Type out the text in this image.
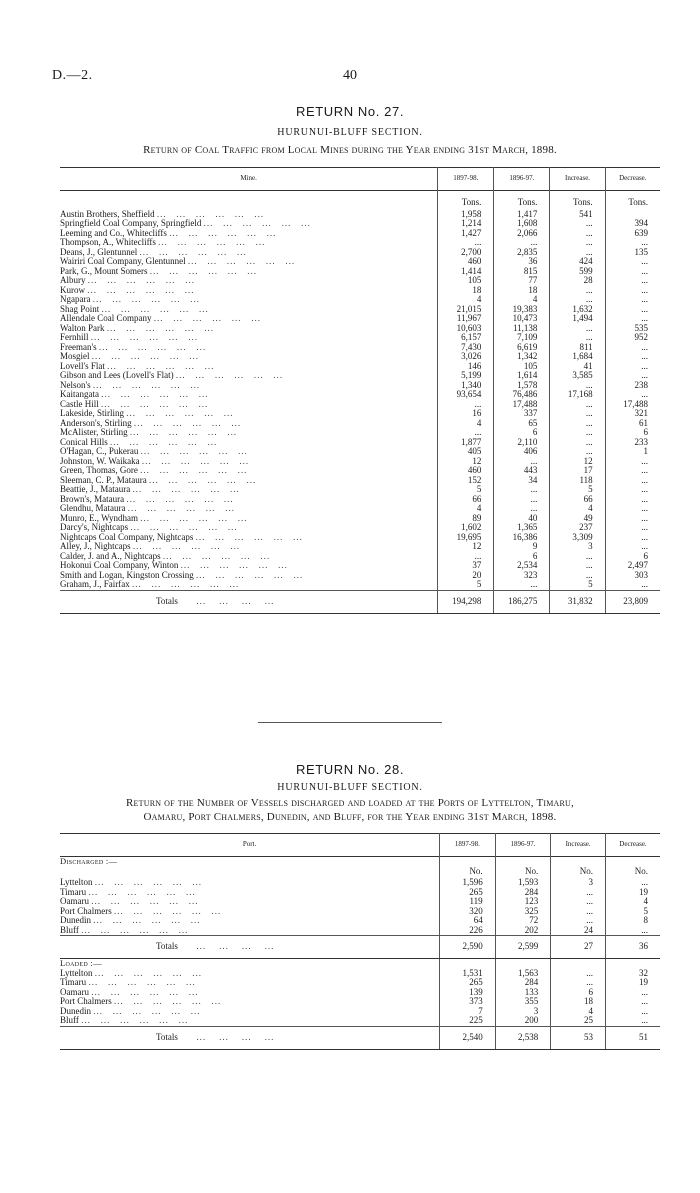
D.—2.	40
RETURN No. 27.
HURUNUI-BLUFF SECTION.
Return of Coal Traffic from Local Mines during the Year ending 31st March, 1898.
Mine.	1897-98.	1896-97.	Increase.	Decrease.
	Tons.	Tons.	Tons.	Tons.
Austin Brothers, Sheffield ...   ...   ...   ...   ...   ...	1,958	1,417	541	
Springfield Coal Company, Springfield ...   ...   ...   ...   ...   ...	1,214	1,608	...	394
Leeming and Co., Whitecliffs ...   ...   ...   ...   ...   ...	1,427	2,066	...	639
Thompson, A., Whitecliffs ...   ...   ...   ...   ...   ...	...	...	...	...
Deans, J., Glentunnel ...   ...   ...   ...   ...   ...	2,700	2,835	...	135
Wairiri Coal Company, Glentunnel ...   ...   ...   ...   ...   ...	460	36	424	...
Park, G., Mount Somers ...   ...   ...   ...   ...   ...	1,414	815	599	...
Albury ...   ...   ...   ...   ...   ...	105	77	28	...
Kurow ...   ...   ...   ...   ...   ...	18	18	...	...
Ngapara ...   ...   ...   ...   ...   ...	4	4	...	...
Shag Point ...   ...   ...   ...   ...   ...	21,015	19,383	1,632	...
Allendale Coal Company ...   ...   ...   ...   ...   ...	11,967	10,473	1,494	...
Walton Park ...   ...   ...   ...   ...   ...	10,603	11,138	...	535
Fernhill ...   ...   ...   ...   ...   ...	6,157	7,109	...	952
Freeman's ...   ...   ...   ...   ...   ...	7,430	6,619	811	...
Mosgiel ...   ...   ...   ...   ...   ...	3,026	1,342	1,684	...
Lovell's Flat ...   ...   ...   ...   ...   ...	146	105	41	...
Gibson and Lees (Lovell's Flat) ...   ...   ...   ...   ...   ...	5,199	1,614	3,585	...
Nelson's ...   ...   ...   ...   ...   ...	1,340	1,578	...	238
Kaitangata ...   ...   ...   ...   ...   ...	93,654	76,486	17,168	...
Castle Hill ...   ...   ...   ...   ...   ...	...	17,488	...	17,488
Lakeside, Stirling ...   ...   ...   ...   ...   ...	16	337	...	321
Anderson's, Stirling ...   ...   ...   ...   ...   ...	4	65	...	61
McAlister, Stirling ...   ...   ...   ...   ...   ...	...	6	...	6
Conical Hills ...   ...   ...   ...   ...   ...	1,877	2,110	...	233
O'Hagan, C., Pukerau ...   ...   ...   ...   ...   ...	405	406	...	1
Johnston, W. Waikaka ...   ...   ...   ...   ...   ...	12	...	12	...
Green, Thomas, Gore ...   ...   ...   ...   ...   ...	460	443	17	...
Sleeman, C. P., Mataura ...   ...   ...   ...   ...   ...	152	34	118	...
Beattie, J., Mataura ...   ...   ...   ...   ...   ...	5	...	5	...
Brown's, Mataura ...   ...   ...   ...   ...   ...	66	...	66	...
Glendhu, Mataura ...   ...   ...   ...   ...   ...	4	...	4	...
Munro, E., Wyndham ...   ...   ...   ...   ...   ...	89	40	49	...
Darcy's, Nightcaps ...   ...   ...   ...   ...   ...	1,602	1,365	237	...
Nightcaps Coal Company, Nightcaps ...   ...   ...   ...   ...   ...	19,695	16,386	3,309	...
Alley, J., Nightcaps ...   ...   ...   ...   ...   ...	12	9	3	...
Calder, J. and A., Nightcaps ...   ...   ...   ...   ...   ...	...	6	...	6
Hokonui Coal Company, Winton ...   ...   ...   ...   ...   ...	37	2,534	...	2,497
Smith and Logan, Kingston Crossing ...   ...   ...   ...   ...   ...	20	323	...	303
Graham, J., Fairfax ...   ...   ...   ...   ...   ...	5	...	5	...
Totals      ...    ...    ...    ...	194,298	186,275	31,832	23,809
RETURN No. 28.
HURUNUI-BLUFF SECTION.
Return of the Number of Vessels discharged and loaded at the Ports of Lyttelton, Timaru,
Oamaru, Port Chalmers, Dunedin, and Bluff, for the Year ending 31st March, 1898.
Port.	1897-98.	1896-97.	Increase.	Decrease.
Discharged :—				
	No.	No.	No.	No.
Lyttelton ...   ...   ...   ...   ...   ...	1,596	1,593	3	...
Timaru ...   ...   ...   ...   ...   ...	265	284	...	19
Oamaru ...   ...   ...   ...   ...   ...	119	123	...	4
Port Chalmers ...   ...   ...   ...   ...   ...	320	325	...	5
Dunedin ...   ...   ...   ...   ...   ...	64	72	...	8
Bluff ...   ...   ...   ...   ...   ...	226	202	24	...
Totals      ...    ...    ...    ...	2,590	2,599	27	36
Loaded :—				
Lyttelton ...   ...   ...   ...   ...   ...	1,531	1,563	...	32
Timaru ...   ...   ...   ...   ...   ...	265	284	...	19
Oamaru ...   ...   ...   ...   ...   ...	139	133	6	...
Port Chalmers ...   ...   ...   ...   ...   ...	373	355	18	...
Dunedin ...   ...   ...   ...   ...   ...	7	3	4	...
Bluff ...   ...   ...   ...   ...   ...	225	200	25	...
Totals      ...    ...    ...    ...	2,540	2,538	53	51
